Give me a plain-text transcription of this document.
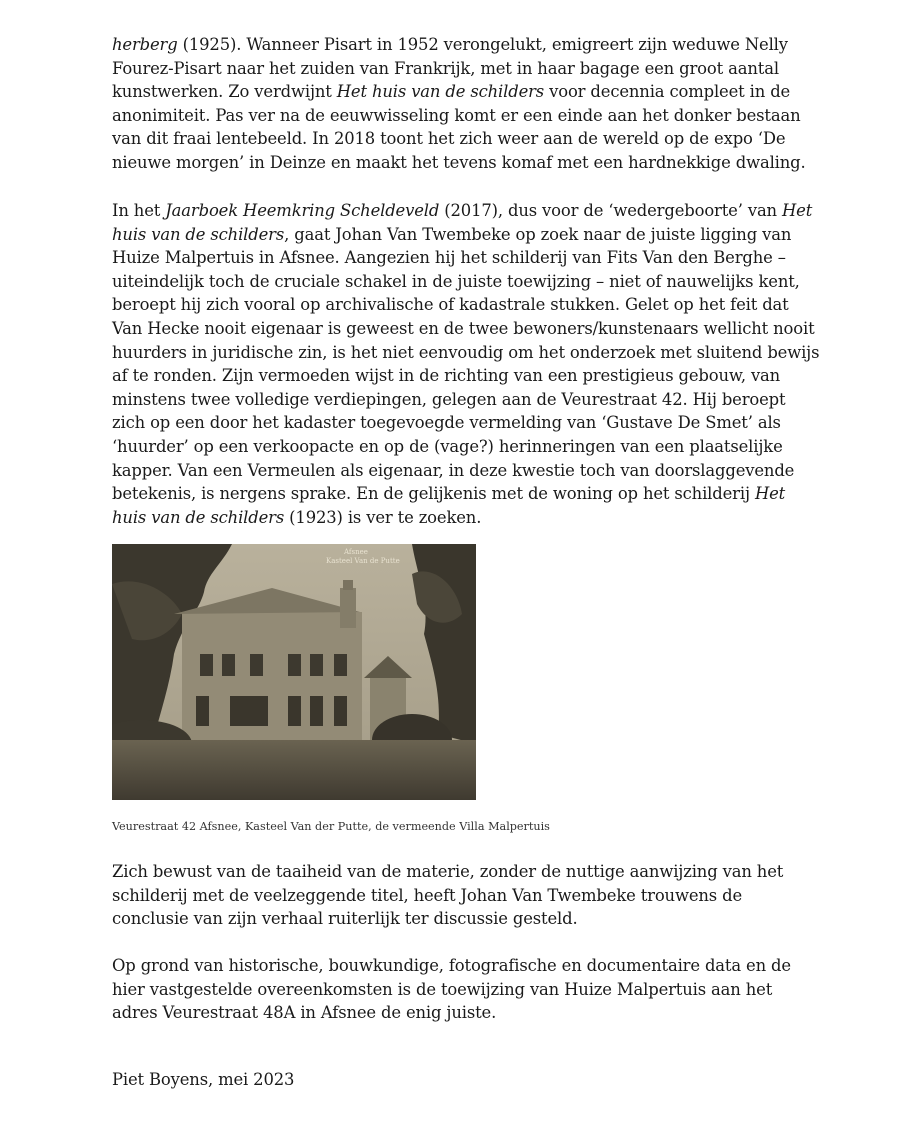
herberg (1925). Wanneer Pisart in 1952 verongelukt, emigreert zijn weduwe Nelly Fourez-Pisart naar het zuiden van Frankrijk, met in haar bagage een groot aantal kunstwerken. Zo verdwijnt Het huis van de schilders voor decennia compleet in de anonimiteit. Pas ver na de eeuwwisseling komt er een einde aan het donker bestaan van dit fraai lentebeeld. In 2018 toont het zich weer aan de wereld op de expo ‘De nieuwe morgen’ in Deinze en maakt het tevens komaf met een hardnekkige dwaling.

In het Jaarboek Heemkring Scheldeveld (2017), dus voor de ‘wedergeboorte’ van Het huis van de schilders, gaat Johan Van Twembeke op zoek naar de juiste ligging van Huize Malpertuis in Afsnee. Aangezien hij het schilderij van Fits Van den Berghe – uiteindelijk toch de cruciale schakel in de juiste toewijzing – niet of nauwelijks kent, beroept hij zich vooral op archivalische of kadastrale stukken. Gelet op het feit dat Van Hecke nooit eigenaar is geweest en de twee bewoners/kunstenaars wellicht nooit huurders in juridische zin, is het niet eenvoudig om het onderzoek met sluitend bewijs af te ronden. Zijn vermoeden wijst in de richting van een prestigieus gebouw, van minstens twee volledige verdiepingen, gelegen aan de Veurestraat 42. Hij beroept zich op een door het kadaster toegevoegde vermelding van ‘Gustave De Smet’ als ‘huurder’ op een verkoopacte en op de (vage?) herinneringen van een plaatselijke kapper. Van een Vermeulen als eigenaar, in deze kwestie toch van doorslaggevende betekenis, is nergens sprake. En de gelijkenis met de woning op het schilderij Het huis van de schilders (1923) is ver te zoeken.

Afsnee
Kasteel Van de Putte
Veurestraat 42 Afsnee, Kasteel Van der Putte, de vermeende Villa Malpertuis

Zich bewust van de taaiheid van de materie, zonder de nuttige aanwijzing van het schilderij met de veelzeggende titel, heeft Johan Van Twembeke trouwens de conclusie van zijn verhaal ruiterlijk ter discussie gesteld.

Op grond van historische, bouwkundige, fotografische en documentaire data en de hier vastgestelde overeenkomsten is de toewijzing van Huize Malpertuis aan het adres Veurestraat 48A in Afsnee de enig juiste.

Piet Boyens, mei 2023
